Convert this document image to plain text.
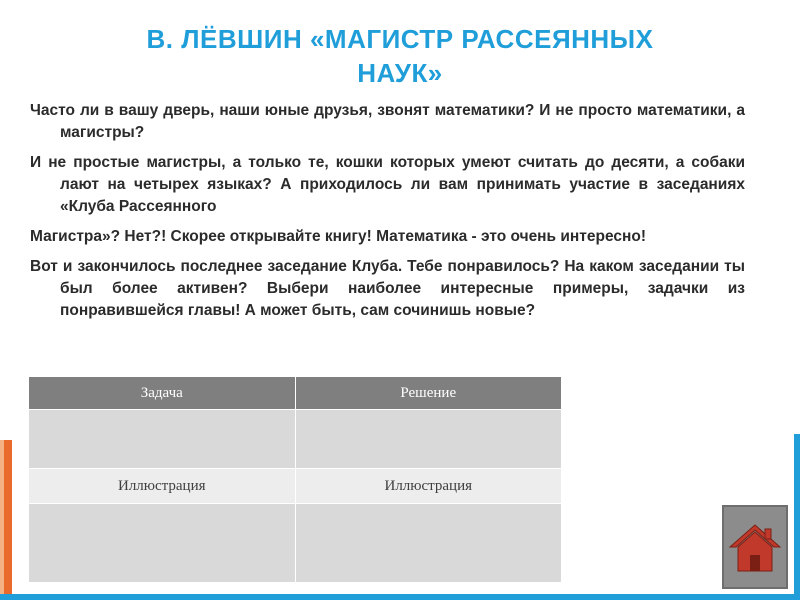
В. ЛЁВШИН «МАГИСТР РАССЕЯННЫХ
НАУК»

Часто ли в вашу дверь, наши юные друзья, звонят математики? И не просто математики, а магистры?

И не простые магистры, а только те, кошки которых умеют считать до десяти, а собаки лают на четырех языках? А приходилось ли вам принимать участие в заседаниях «Клуба Рассеянного

Магистра»? Нет?! Скорее открывайте книгу! Математика - это очень интересно!

Вот и закончилось последнее заседание Клуба. Тебе понравилось? На каком заседании ты был более активен? Выбери наиболее интересные примеры, задачки из понравившейся главы! А может быть, сам сочинишь новые?

Задача	Решение

Иллюстрация	Иллюстрация
